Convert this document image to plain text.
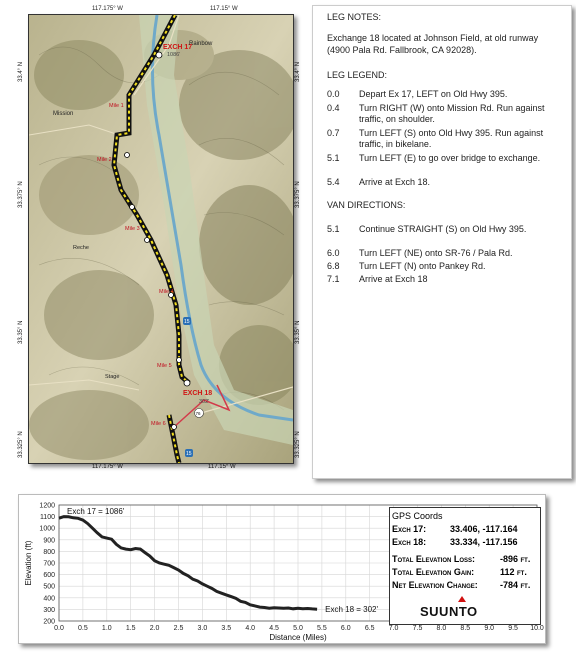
117.175° W	117.15° W
117.175° W	117.15° W
33.4° N
33.375° N
33.35° N
33.325° N
33.4° N
33.375° N
33.35° N
33.325° N
EXCH 17
1086'
Rainbow
Mission
Mile 1
Mile 2
Mile 3
Mile 4
Mile 5
Mile 6
EXCH 18
302'
15
15
76
Reche
Stage
LEG NOTES:
Exchange 18 located at Johnson Field, at old runway (4900 Pala Rd. Fallbrook, CA 92028).
LEG LEGEND:
0.0	Depart Ex 17, LEFT on Old Hwy 395.
0.4	Turn RIGHT (W) onto Mission Rd. Run against traffic, on shoulder.
0.7	Turn LEFT (S) onto Old Hwy 395. Run against traffic, in bikelane.
5.1	Turn LEFT (E) to go over bridge to exchange.
5.4	Arrive at Exch 18.
VAN DIRECTIONS:
5.1	Continue STRAIGHT (S) on Old Hwy 395.
6.0	Turn LEFT (NE) onto SR-76 / Pala Rd.
6.8	Turn LEFT (N) onto Pankey Rd.
7.1	Arrive at Exch 18
200
300
400
500
600
700
800
900
1000
1100
1200
0.0 0.5 1.0 1.5 2.0 2.5 3.0 3.5 4.0 4.5 5.0 5.5 6.0 6.5 7.0 7.5 8.0 8.5 9.0 9.5 10.0
Distance (Miles)
Elevation (ft)
Exch 17 = 1086'
Exch 18 = 302'
GPS Coords
Exch 17:	33.406, -117.164
Exch 18:	33.334, -117.156
Total Elevation Loss:	-896 ft.
Total Elevation Gain:	112 ft.
Net Elevation Change: -784 ft.
SUUNTO
